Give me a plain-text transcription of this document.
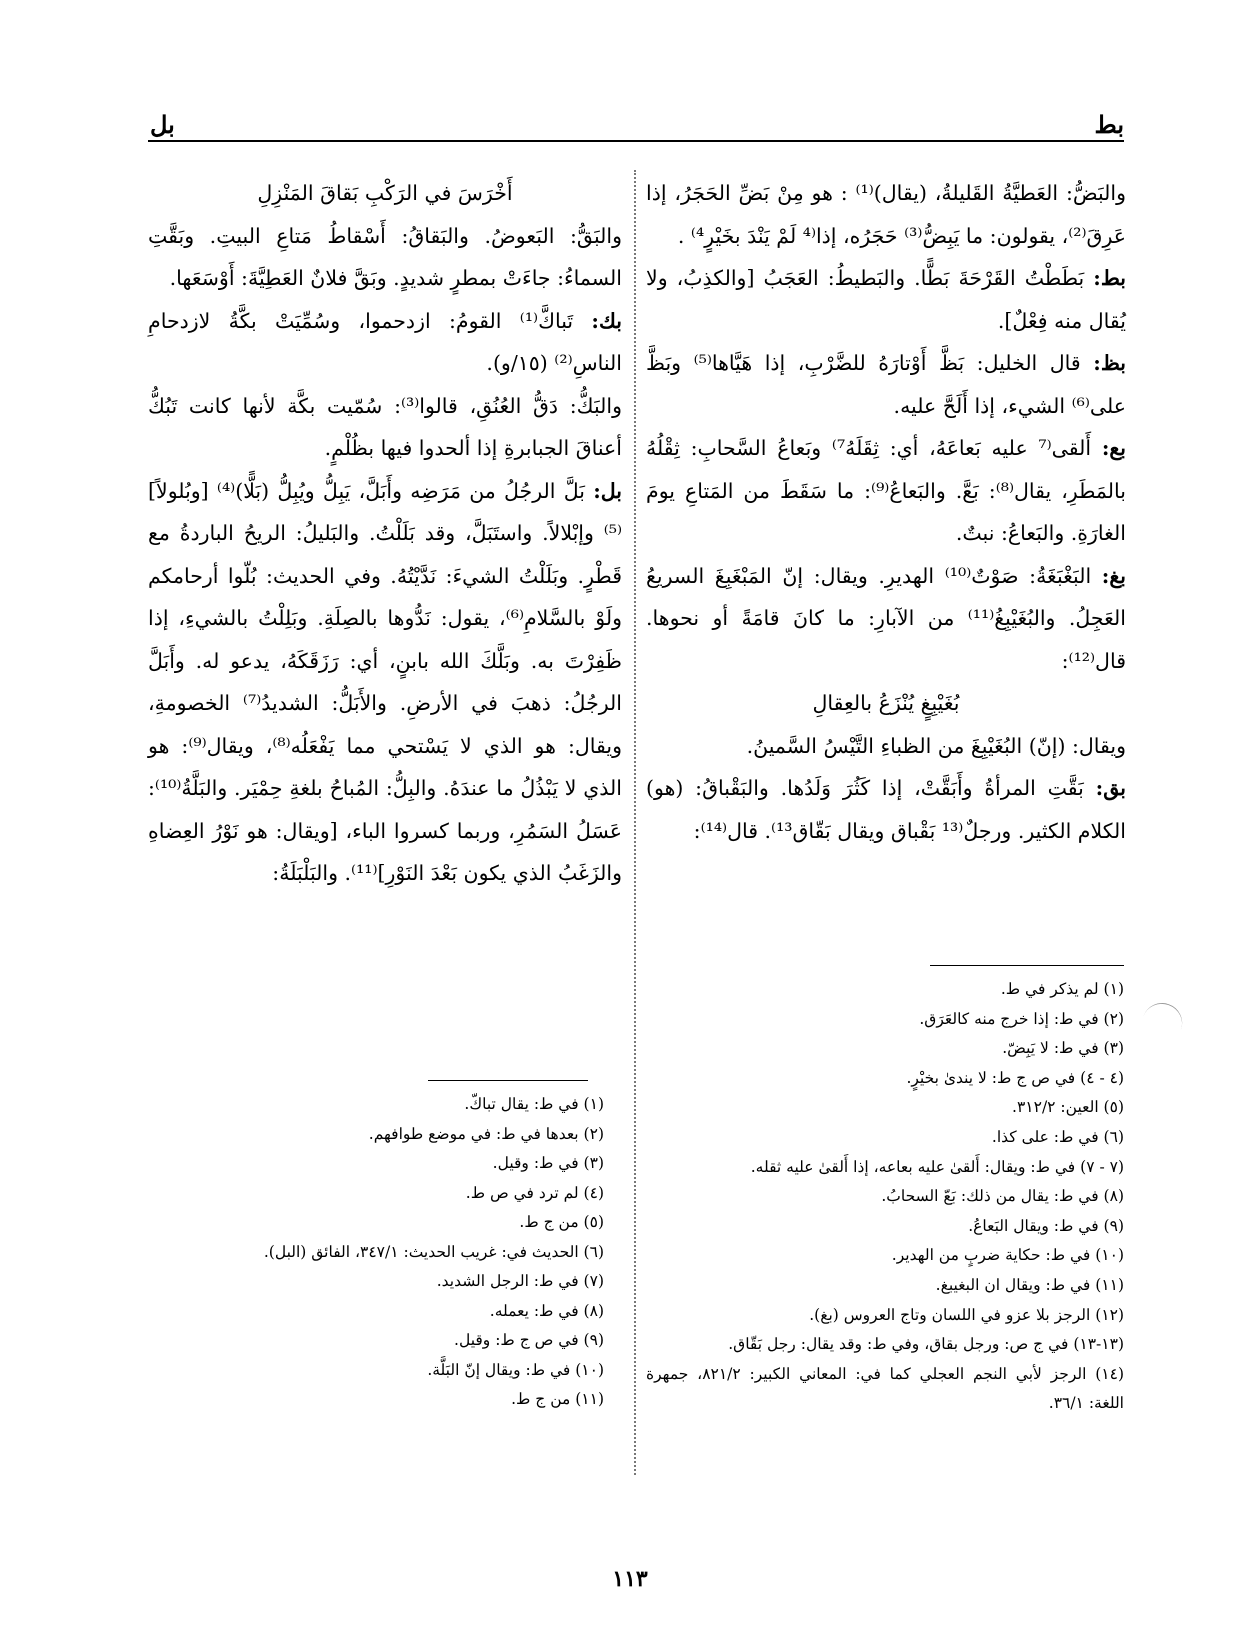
بط
بل

والبَضُّ: العَطيَّةُ القَليلةُ، (يقال)⁽¹⁾ : هو مِنْ بَضِّ الحَجَرُ، إذا عَرِقَ⁽²⁾، يقولون: ما يَبِضُّ⁽³⁾ حَجَرُه، إذا⁽⁴ لَمْ يَنْدَ بخَيْرٍ⁴⁾ .

بط: بَطَطْتُ القَرْحَةَ بَطًّا. والبَطيطُ: العَجَبُ [والكذِبُ، ولا يُقال منه فِعْلٌ].

بظ: قال الخليل: بَظَّ أَوْتارَهُ للضَّرْبِ، إذا هَيَّاها⁽⁵⁾ وبَظَّ على⁽⁶⁾ الشيء، إذا أَلَحَّ عليه.

بع: أَلقى⁽⁷ عليه بَعاعَهُ، أي: ثِقَلَهُ⁷⁾ وبَعاعُ السَّحابِ: ثِقْلُهُ بالمَطَرِ، يقال⁽⁸⁾: بَعَّ. والبَعاعُ⁽⁹⁾: ما سَقَطَ من المَتاعِ يومَ الغارَةِ. والبَعاعُ: نبتٌ.

بغ: البَغْبَغَةُ: صَوْتٌ⁽¹⁰⁾ الهديرِ. ويقال: إنّ المَبْغَبِغَ السريعُ العَجِلُ. والبُغَيْبِغُ⁽¹¹⁾ من الآبارِ: ما كانَ قامَةً أو نحوها. قال⁽¹²⁾:

بُغَيْبِغٍ يُنْزَعُ بالعِقالِ

ويقال: (إنّ) البُغَيْبِغَ من الظباءِ التَّيْسُ السَّمينُ.

بق: بَقَّتِ المرأةُ وأَبَقَّتْ، إذا كَثُرَ وَلَدُها. والبَقْباقُ: (هو) الكلام الكثير. ورجلٌ⁽¹³ بَقْباق ويقال بَقّاق¹³⁾. قال⁽¹⁴⁾:

أَخْرَسَ في الرَكْبِ بَقاقَ المَنْزِلِ

والبَقُّ: البَعوضُ. والبَقاقُ: أَسْقاطُ مَتاعِ البيتِ. وبَقَّتِ السماءُ: جاءَتْ بمطرٍ شديدٍ. وبَقَّ فلانٌ العَطِيَّةَ: أَوْسَعَها.

بك: تَباكَّ⁽¹⁾ القومُ: ازدحموا، وسُمِّيَتْ بكَّةُ لازدحامِ الناسِ⁽²⁾ (١٥/و).

والبَكُّ: دَقُّ العُنُقِ، قالوا⁽³⁾: سُمّيت بكَّة لأنها كانت تَبُكُّ أعناقَ الجبابرةِ إذا ألحدوا فيها بظُلْمٍ.

بل: بَلَّ الرجُلُ من مَرَضِه وأَبَلَّ، يَبِلُّ ويُبِلُّ (بَلًّا)⁽⁴⁾ [وبُلولاً]⁽⁵⁾ وإبْلالاً. واستَبَلَّ، وقد بَلَلْتُ. والبَليلُ: الريحُ الباردةُ مع قَطْرٍ. وبَلَلْتُ الشيءَ: نَدَّيْتُهُ. وفي الحديث: بُلّوا أرحامكم ولَوْ بالسَّلامِ⁽⁶⁾، يقول: نَدُّوها بالصِلَةِ. وبَلِلْتُ بالشيءِ، إذا ظَفِرْتَ به. وبَلَّكَ الله بابنٍ، أي: رَزَقَكَهُ، يدعو له. وأَبَلَّ الرجُلُ: ذهبَ في الأرضِ. والأَبَلُّ: الشديدُ⁽⁷⁾ الخصومةِ، ويقال: هو الذي لا يَسْتحي مما يَفْعَلُه⁽⁸⁾، ويقال⁽⁹⁾: هو الذي لا يَبْذُلُ ما عندَهُ. والبِلُّ: المُباحُ بلغةِ حِمْيَر. والبَلَّةُ⁽¹⁰⁾: عَسَلُ السَمُرِ، وربما كسروا الباء، [ويقال: هو نَوْرُ العِضاهِ والزَغَبُ الذي يكون بَعْدَ النَوْرِ]⁽¹¹⁾. والبَلْبَلَةُ:

(١) لم يذكر في ط.

(٢) في ط: إذا خرج منه كالعَرَق.

(٣) في ط: لا يَبِضّ.

(٤ - ٤) في ص ج ط: لا يندىٰ بخيْرٍ.

(٥) العين: ٣١٢/٢.

(٦) في ط: على كذا.

(٧ - ٧) في ط: ويقال: أَلقىٰ عليه بعاعه، إذا أَلقىٰ عليه ثقله.

(٨) في ط: يقال من ذلك: بَعّ السحابُ.

(٩) في ط: ويقال البَعاعُ.

(١٠) في ط: حكاية ضربٍ من الهدير.

(١١) في ط: ويقال ان البغيبغ.

(١٢) الرجز بلا عزو في اللسان وتاج العروس (بغ).

(١٣-١٣) في ج ص: ورجل بقاق، وفي ط: وقد يقال: رجل بَقّاق.

(١٤) الرجز لأبي النجم العجلي كما في: المعاني الكبير: ٨٢١/٢، جمهرة اللغة: ٣٦/١.

(١) في ط: يقال تباكّ.

(٢) بعدها في ط: في موضع طوافهم.

(٣) في ط: وقيل.

(٤) لم ترد في ص ط.

(٥) من ج ط.

(٦) الحديث في: غريب الحديث: ٣٤٧/١، الفائق (البل).

(٧) في ط: الرجل الشديد.

(٨) في ط: يعمله.

(٩) في ص ج ط: وقيل.

(١٠) في ط: ويقال إنّ البَلَّة.

(١١) من ج ط.

١١٣
